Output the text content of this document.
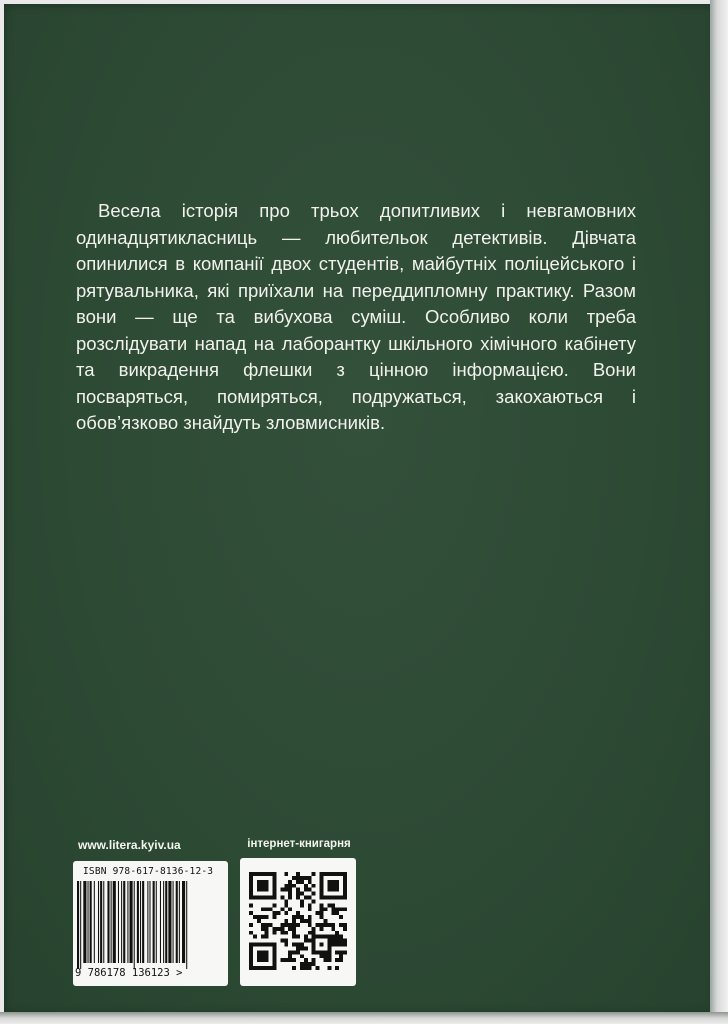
Весела історія про трьох допитливих і невгамовних одинадцятикласниць — любительок детективів. Дівчата опинилися в компанії двох студентів, майбутніх поліцейського і рятувальника, які приїхали на переддипломну практику. Разом вони — ще та вибухова суміш. Особливо коли треба розслідувати напад на лаборантку шкільного хімічного кабінету та викрадення флешки з цінною інформацією. Вони посваряться, помиряться, подружаться, закохаються і обов’язково знайдуть зловмисників.

www.litera.kyiv.ua	інтернет-книгарня
ISBN 978-617-8136-12-3
9 786178 136123 >
